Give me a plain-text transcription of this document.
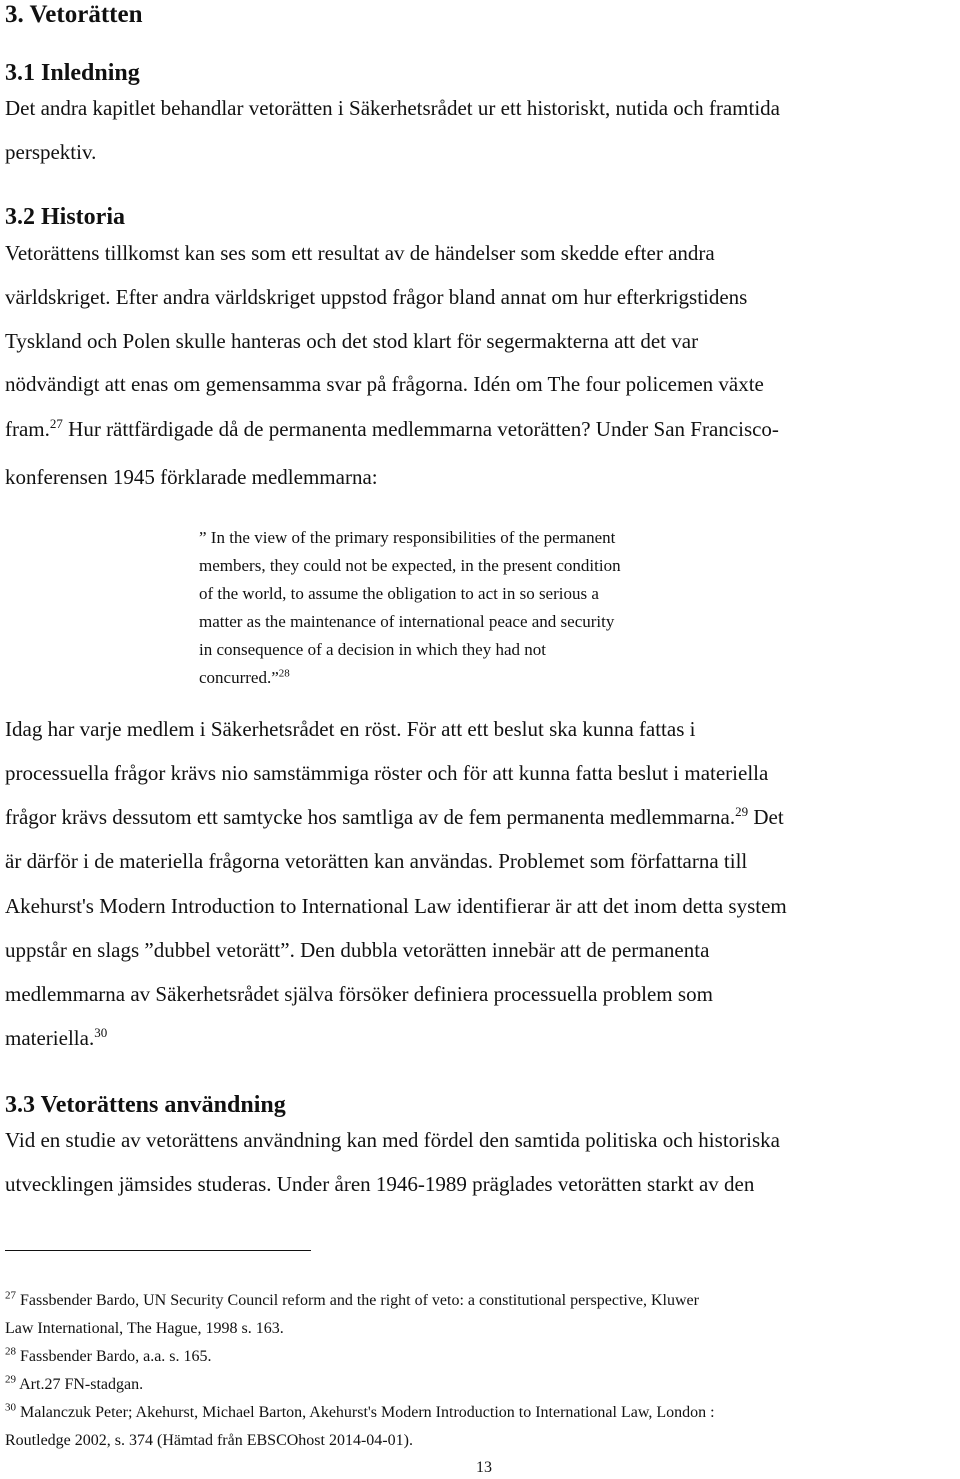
3. Vetorätten
3.1 Inledning
Det andra kapitlet behandlar vetorätten i Säkerhetsrådet ur ett historiskt, nutida och framtida
perspektiv.
3.2 Historia
Vetorättens tillkomst kan ses som ett resultat av de händelser som skedde efter andra
världskriget. Efter andra världskriget uppstod frågor bland annat om hur efterkrigstidens
Tyskland och Polen skulle hanteras och det stod klart för segermakterna att det var
nödvändigt att enas om gemensamma svar på frågorna. Idén om The four policemen växte
fram.$^{27}$ Hur rättfärdigade då de permanenta medlemmarna vetorätten? Under San Francisco-
konferensen 1945 förklarade medlemmarna:
” In the view of the primary responsibilities of the permanent
members, they could not be expected, in the present condition
of the world, to assume the obligation to act in so serious a
matter as the maintenance of international peace and security
in consequence of a decision in which they had not
concurred.”$^{28}$
Idag har varje medlem i Säkerhetsrådet en röst. För att ett beslut ska kunna fattas i
processuella frågor krävs nio samstämmiga röster och för att kunna fatta beslut i materiella
frågor krävs dessutom ett samtycke hos samtliga av de fem permanenta medlemmarna.$^{29}$ Det
är därför i de materiella frågorna vetorätten kan användas. Problemet som författarna till
Akehurst's Modern Introduction to International Law identifierar är att det inom detta system
uppstår en slags ”dubbel vetorätt”. Den dubbla vetorätten innebär att de permanenta
medlemmarna av Säkerhetsrådet själva försöker definiera processuella problem som
materiella.$^{30}$
3.3 Vetorättens användning
Vid en studie av vetorättens användning kan med fördel den samtida politiska och historiska
utvecklingen jämsides studeras. Under åren 1946-1989 präglades vetorätten starkt av den
$^{27}$ Fassbender Bardo, UN Security Council reform and the right of veto: a constitutional perspective, Kluwer
Law International, The Hague, 1998 s. 163.
$^{28}$ Fassbender Bardo, a.a. s. 165.
$^{29}$ Art.27 FN-stadgan.
$^{30}$ Malanczuk Peter; Akehurst, Michael Barton, Akehurst's Modern Introduction to International Law, London :
Routledge 2002, s. 374 (Hämtad från EBSCOhost 2014-04-01).
13
